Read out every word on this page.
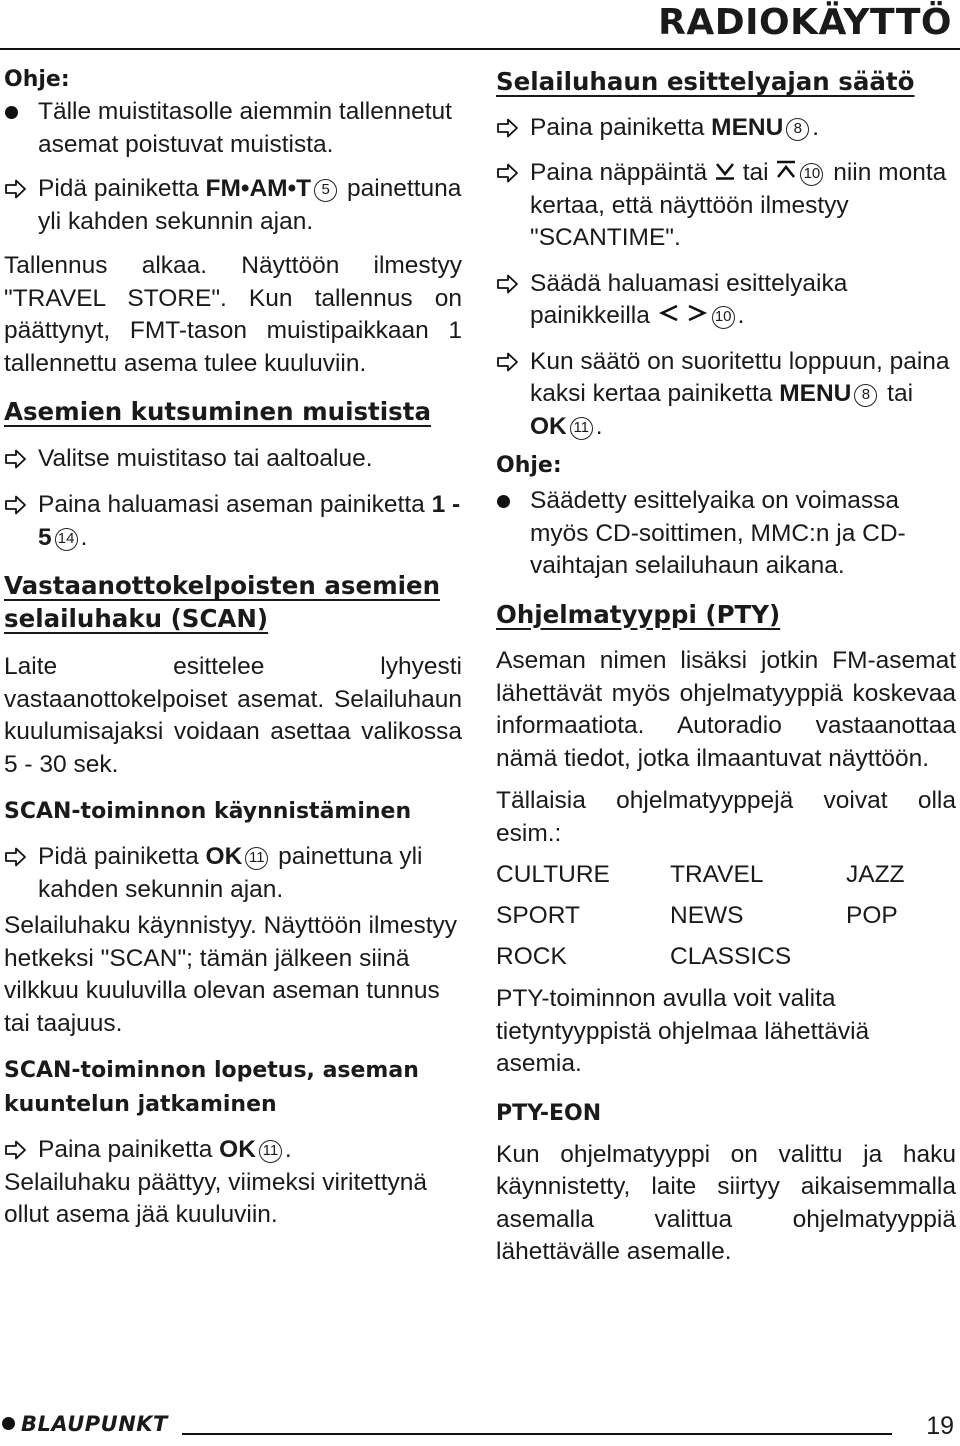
RADIOKÄYTTÖ
Ohje:
Tälle muistitasolle aiemmin tallennetut asemat poistuvat muistista.
Pidä painiketta FM•AM•T 5 painettuna yli kahden sekunnin ajan.
Tallennus alkaa. Näyttöön ilmestyy "TRAVEL STORE". Kun tallennus on päättynyt, FMT-tason muistipaikkaan 1 tallennettu asema tulee kuuluviin.
Asemien kutsuminen muistista
Valitse muistitaso tai aaltoalue.
Paina haluamasi aseman painiketta 1 - 5 14 .
Vastaanottokelpoisten asemien selailuhaku (SCAN)
Laite esittelee lyhyesti vastaanottokelpoiset asemat. Selailuhaun kuulumisajaksi voidaan asettaa valikossa 5 - 30 sek.
SCAN-toiminnon käynnistäminen
Pidä painiketta OK 11 painettuna yli kahden sekunnin ajan.
Selailuhaku käynnistyy. Näyttöön ilmestyy hetkeksi "SCAN"; tämän jälkeen siinä vilkkuu kuuluvilla olevan aseman tunnus tai taajuus.
SCAN-toiminnon lopetus, aseman kuuntelun jatkaminen
Paina painiketta OK 11 .
Selailuhaku päättyy, viimeksi viritettynä ollut asema jää kuuluviin.
Selailuhaun esittelyajan säätö
Paina painiketta MENU 8 .
Paina näppäintä  tai 10 niin monta kertaa, että näyttöön ilmestyy "SCANTIME".
Säädä haluamasi esittelyaika painikkeilla	10 .
Kun säätö on suoritettu loppuun, paina kaksi kertaa painiketta MENU 8 tai OK 11 .
Ohje:
Säädetty esittelyaika on voimassa myös CD-soittimen, MMC:n ja CD-vaihtajan selailuhaun aikana.
Ohjelmatyyppi (PTY)
Aseman nimen lisäksi jotkin FM-asemat lähettävät myös ohjelmatyyppiä koskevaa informaatiota. Autoradio vastaanottaa nämä tiedot, jotka ilmaantuvat näyttöön.
Tällaisia ohjelmatyyppejä voivat olla esim.:
CULTURE	TRAVEL	JAZZ
SPORT	NEWS	POP
ROCK	CLASSICS
PTY-toiminnon avulla voit valita tietyntyyppistä ohjelmaa lähettäviä asemia.
PTY-EON
Kun ohjelmatyyppi on valittu ja haku käynnistetty, laite siirtyy aikaisemmalla asemalla valittua ohjelmatyyppiä lähettävälle asemalle.
BLAUPUNKT	19
